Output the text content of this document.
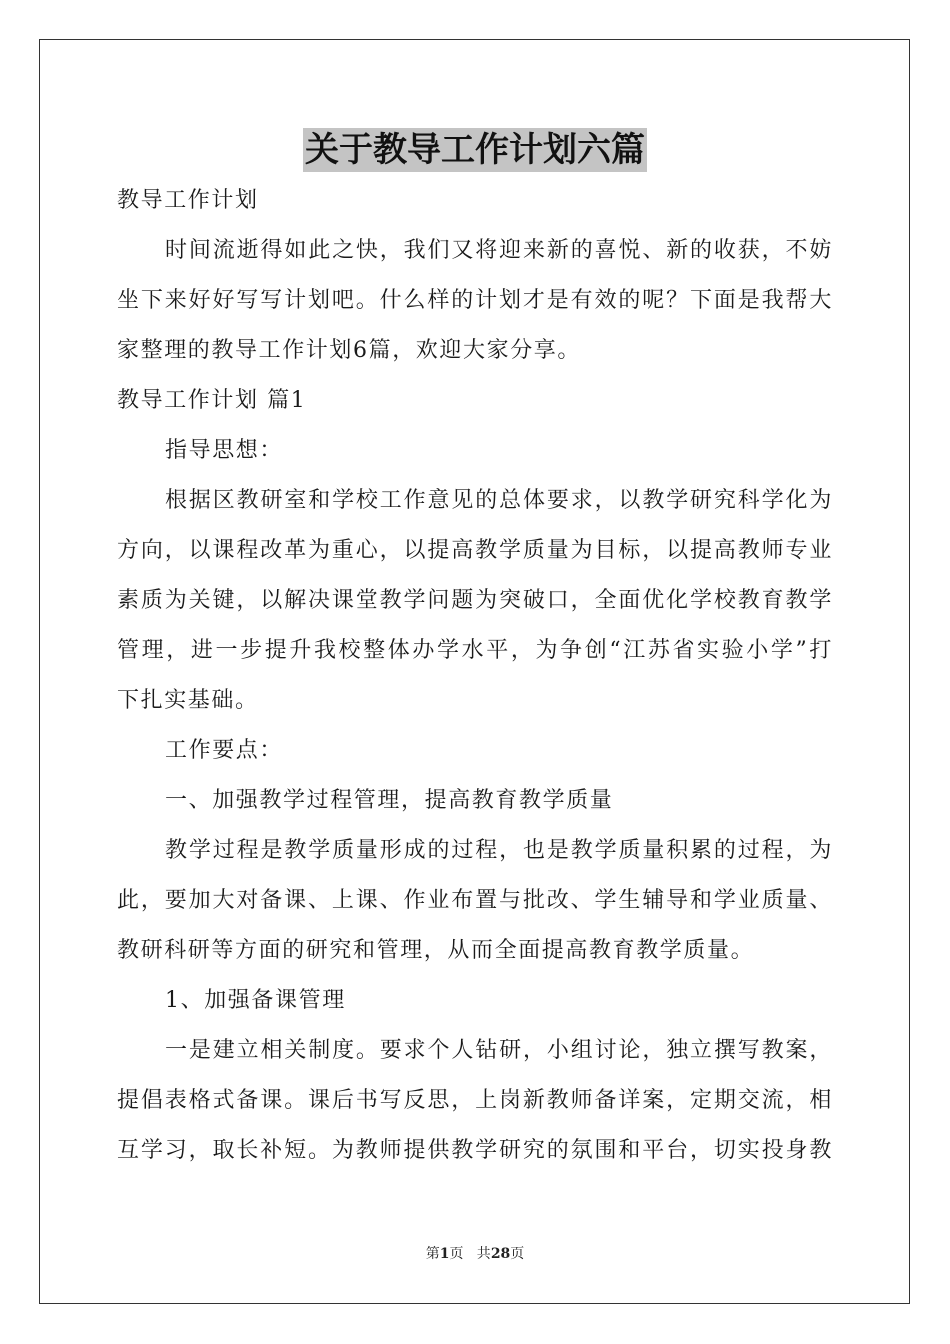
关于教导工作计划六篇
教导工作计划
时间流逝得如此之快，我们又将迎来新的喜悦、新的收获，不妨
坐下来好好写写计划吧。什么样的计划才是有效的呢？下面是我帮大
家整理的教导工作计划6篇，欢迎大家分享。
教导工作计划 篇1
指导思想：
根据区教研室和学校工作意见的总体要求，以教学研究科学化为
方向，以课程改革为重心，以提高教学质量为目标，以提高教师专业
素质为关键，以解决课堂教学问题为突破口，全面优化学校教育教学
管理，进一步提升我校整体办学水平，为争创“江苏省实验小学”打
下扎实基础。
工作要点：
一、加强教学过程管理，提高教育教学质量
教学过程是教学质量形成的过程，也是教学质量积累的过程，为
此，要加大对备课、上课、作业布置与批改、学生辅导和学业质量、
教研科研等方面的研究和管理，从而全面提高教育教学质量。
1、加强备课管理
一是建立相关制度。要求个人钻研，小组讨论，独立撰写教案，
提倡表格式备课。课后书写反思，上岗新教师备详案，定期交流，相
互学习，取长补短。为教师提供教学研究的氛围和平台，切实投身教
第1页   共28页
